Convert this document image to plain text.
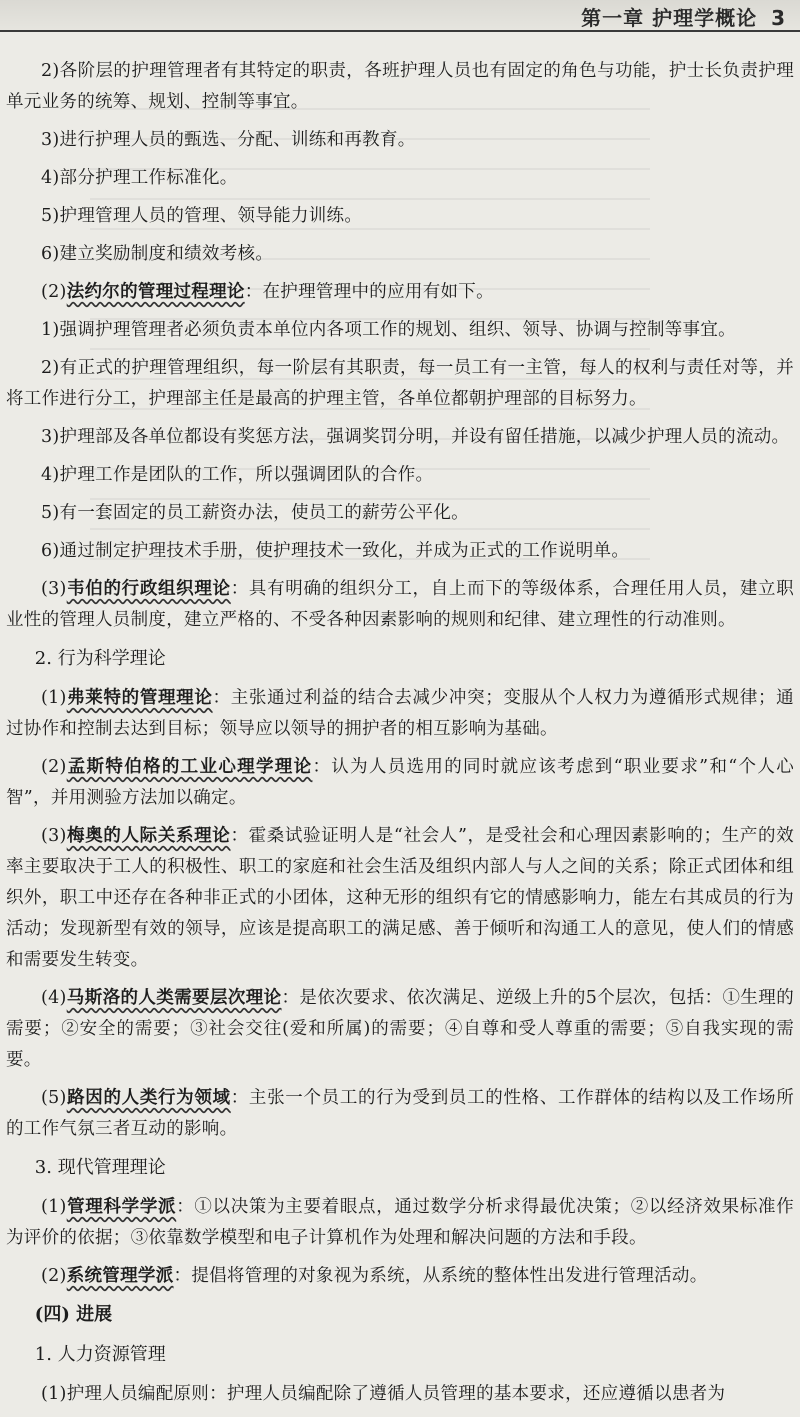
第一章 护理学概论 3
2)各阶层的护理管理者有其特定的职责，各班护理人员也有固定的角色与功能，护士长负责护理单元业务的统筹、规划、控制等事宜。
3)进行护理人员的甄选、分配、训练和再教育。
4)部分护理工作标准化。
5)护理管理人员的管理、领导能力训练。
6)建立奖励制度和绩效考核。
(2)法约尔的管理过程理论：在护理管理中的应用有如下。
1)强调护理管理者必须负责本单位内各项工作的规划、组织、领导、协调与控制等事宜。
2)有正式的护理管理组织，每一阶层有其职责，每一员工有一主管，每人的权利与责任对等，并将工作进行分工，护理部主任是最高的护理主管，各单位都朝护理部的目标努力。
3)护理部及各单位都设有奖惩方法，强调奖罚分明，并设有留任措施，以减少护理人员的流动。
4)护理工作是团队的工作，所以强调团队的合作。
5)有一套固定的员工薪资办法，使员工的薪劳公平化。
6)通过制定护理技术手册，使护理技术一致化，并成为正式的工作说明单。
(3)韦伯的行政组织理论：具有明确的组织分工，自上而下的等级体系，合理任用人员，建立职业性的管理人员制度，建立严格的、不受各种因素影响的规则和纪律、建立理性的行动准则。
2. 行为科学理论
(1)弗莱特的管理理论：主张通过利益的结合去减少冲突；变服从个人权力为遵循形式规律；通过协作和控制去达到目标；领导应以领导的拥护者的相互影响为基础。
(2)孟斯特伯格的工业心理学理论：认为人员选用的同时就应该考虑到“职业要求”和“个人心智”，并用测验方法加以确定。
(3)梅奥的人际关系理论：霍桑试验证明人是“社会人”，是受社会和心理因素影响的；生产的效率主要取决于工人的积极性、职工的家庭和社会生活及组织内部人与人之间的关系；除正式团体和组织外，职工中还存在各种非正式的小团体，这种无形的组织有它的情感影响力，能左右其成员的行为活动；发现新型有效的领导，应该是提高职工的满足感、善于倾听和沟通工人的意见，使人们的情感和需要发生转变。
(4)马斯洛的人类需要层次理论：是依次要求、依次满足、逆级上升的5个层次，包括：①生理的需要；②安全的需要；③社会交往(爱和所属)的需要；④自尊和受人尊重的需要；⑤自我实现的需要。
(5)路因的人类行为领域：主张一个员工的行为受到员工的性格、工作群体的结构以及工作场所的工作气氛三者互动的影响。
3. 现代管理理论
(1)管理科学学派：①以决策为主要着眼点，通过数学分析求得最优决策；②以经济效果标准作为评价的依据；③依靠数学模型和电子计算机作为处理和解决问题的方法和手段。
(2)系统管理学派：提倡将管理的对象视为系统，从系统的整体性出发进行管理活动。
(四) 进展
1. 人力资源管理
(1)护理人员编配原则：护理人员编配除了遵循人员管理的基本要求，还应遵循以患者为
